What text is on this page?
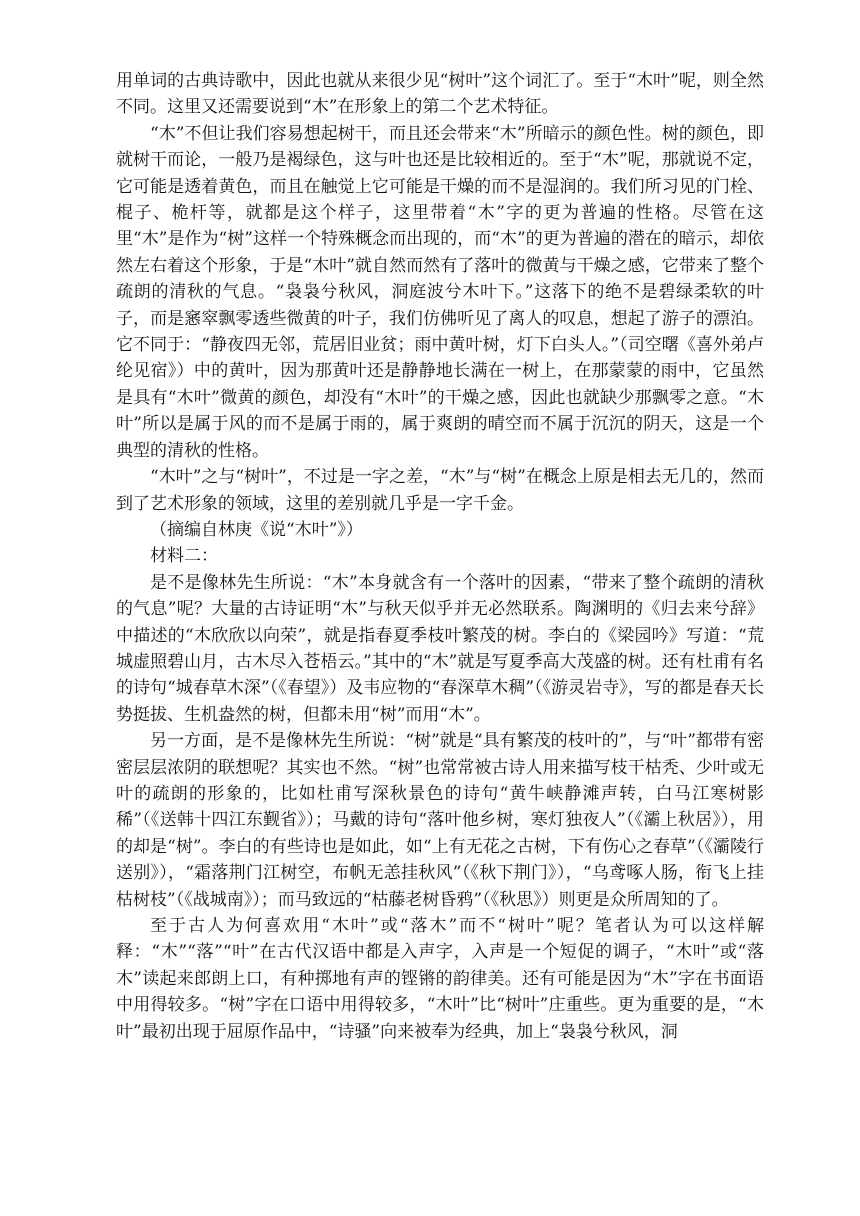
用单词的古典诗歌中，因此也就从来很少见“树叶”这个词汇了。至于“木叶”呢，则全然不同。这里又还需要说到“木”在形象上的第二个艺术特征。

“木”不但让我们容易想起树干，而且还会带来“木”所暗示的颜色性。树的颜色，即就树干而论，一般乃是褐绿色，这与叶也还是比较相近的。至于“木”呢，那就说不定，它可能是透着黄色，而且在触觉上它可能是干燥的而不是湿润的。我们所习见的门栓、棍子、桅杆等，就都是这个样子，这里带着“木”字的更为普遍的性格。尽管在这里“木”是作为“树”这样一个特殊概念而出现的，而“木”的更为普遍的潜在的暗示，却依然左右着这个形象，于是“木叶”就自然而然有了落叶的微黄与干燥之感，它带来了整个疏朗的清秋的气息。“袅袅兮秋风，洞庭波兮木叶下。”这落下的绝不是碧绿柔软的叶子，而是窸窣飘零透些微黄的叶子，我们仿佛听见了离人的叹息，想起了游子的漂泊。它不同于：“静夜四无邻，荒居旧业贫；雨中黄叶树，灯下白头人。”（司空曙《喜外弟卢纶见宿》）中的黄叶，因为那黄叶还是静静地长满在一树上，在那蒙蒙的雨中，它虽然是具有“木叶”微黄的颜色，却没有“木叶”的干燥之感，因此也就缺少那飘零之意。“木叶”所以是属于风的而不是属于雨的，属于爽朗的晴空而不属于沉沉的阴天，这是一个典型的清秋的性格。

“木叶”之与“树叶”，不过是一字之差，“木”与“树”在概念上原是相去无几的，然而到了艺术形象的领域，这里的差别就几乎是一字千金。

（摘编自林庚《说“木叶”》）

材料二：

是不是像林先生所说：“木”本身就含有一个落叶的因素，“带来了整个疏朗的清秋的气息”呢？大量的古诗证明“木”与秋天似乎并无必然联系。陶渊明的《归去来兮辞》中描述的“木欣欣以向荣”，就是指春夏季枝叶繁茂的树。李白的《梁园吟》写道：“荒城虚照碧山月，古木尽入苍梧云。”其中的“木”就是写夏季高大茂盛的树。还有杜甫有名的诗句“城春草木深”（《春望》）及韦应物的“春深草木稠”（《游灵岩寺》，写的都是春天长势挺拔、生机盎然的树，但都未用“树”而用“木”。

另一方面，是不是像林先生所说：“树”就是“具有繁茂的枝叶的”，与“叶”都带有密密层层浓阴的联想呢？其实也不然。“树”也常常被古诗人用来描写枝干枯秃、少叶或无叶的疏朗的形象的，比如杜甫写深秋景色的诗句“黄牛峡静滩声转，白马江寒树影稀”（《送韩十四江东觐省》）；马戴的诗句“落叶他乡树，寒灯独夜人”（《灞上秋居》），用的却是“树”。李白的有些诗也是如此，如“上有无花之古树，下有伤心之春草”（《灞陵行送别》），“霜落荆门江树空，布帆无恙挂秋风”（《秋下荆门》），“乌鸢啄人肠，衔飞上挂枯树枝”（《战城南》）；而马致远的“枯藤老树昏鸦”（《秋思》）则更是众所周知的了。

至于古人为何喜欢用“木叶”或“落木”而不“树叶”呢？笔者认为可以这样解释：“木”“落”“叶”在古代汉语中都是入声字，入声是一个短促的调子，“木叶”或“落木”读起来郎朗上口，有种掷地有声的铿锵的韵律美。还有可能是因为“木”字在书面语中用得较多。“树”字在口语中用得较多，“木叶”比“树叶”庄重些。更为重要的是，“木叶”最初出现于屈原作品中，“诗骚”向来被奉为经典，加上“袅袅兮秋风，洞
